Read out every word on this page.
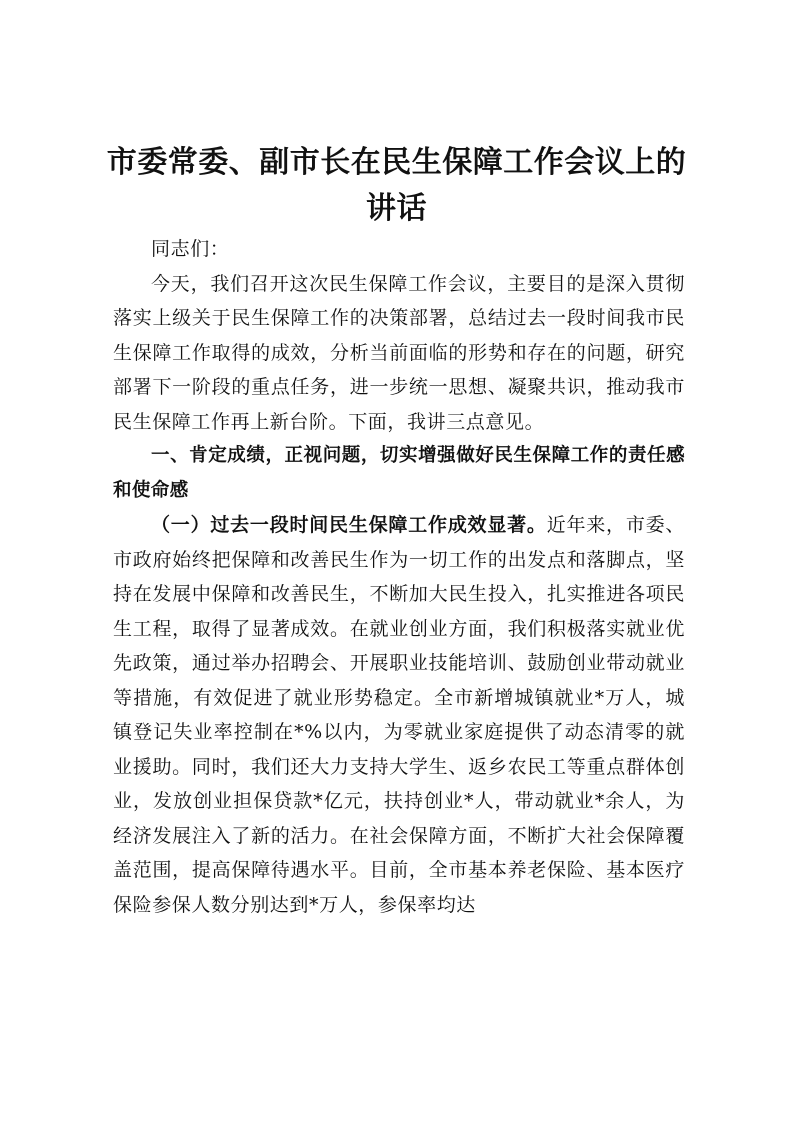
市委常委、副市长在民生保障工作会议上的讲话

同志们：

今天，我们召开这次民生保障工作会议，主要目的是深入贯彻落实上级关于民生保障工作的决策部署，总结过去一段时间我市民生保障工作取得的成效，分析当前面临的形势和存在的问题，研究部署下一阶段的重点任务，进一步统一思想、凝聚共识，推动我市民生保障工作再上新台阶。下面，我讲三点意见。

一、肯定成绩，正视问题，切实增强做好民生保障工作的责任感和使命感

（一）过去一段时间民生保障工作成效显著。近年来，市委、市政府始终把保障和改善民生作为一切工作的出发点和落脚点，坚持在发展中保障和改善民生，不断加大民生投入，扎实推进各项民生工程，取得了显著成效。在就业创业方面，我们积极落实就业优先政策，通过举办招聘会、开展职业技能培训、鼓励创业带动就业等措施，有效促进了就业形势稳定。全市新增城镇就业*万人，城镇登记失业率控制在*%以内，为零就业家庭提供了动态清零的就业援助。同时，我们还大力支持大学生、返乡农民工等重点群体创业，发放创业担保贷款*亿元，扶持创业*人，带动就业*余人，为经济发展注入了新的活力。在社会保障方面，不断扩大社会保障覆盖范围，提高保障待遇水平。目前，全市基本养老保险、基本医疗保险参保人数分别达到*万人，参保率均达
